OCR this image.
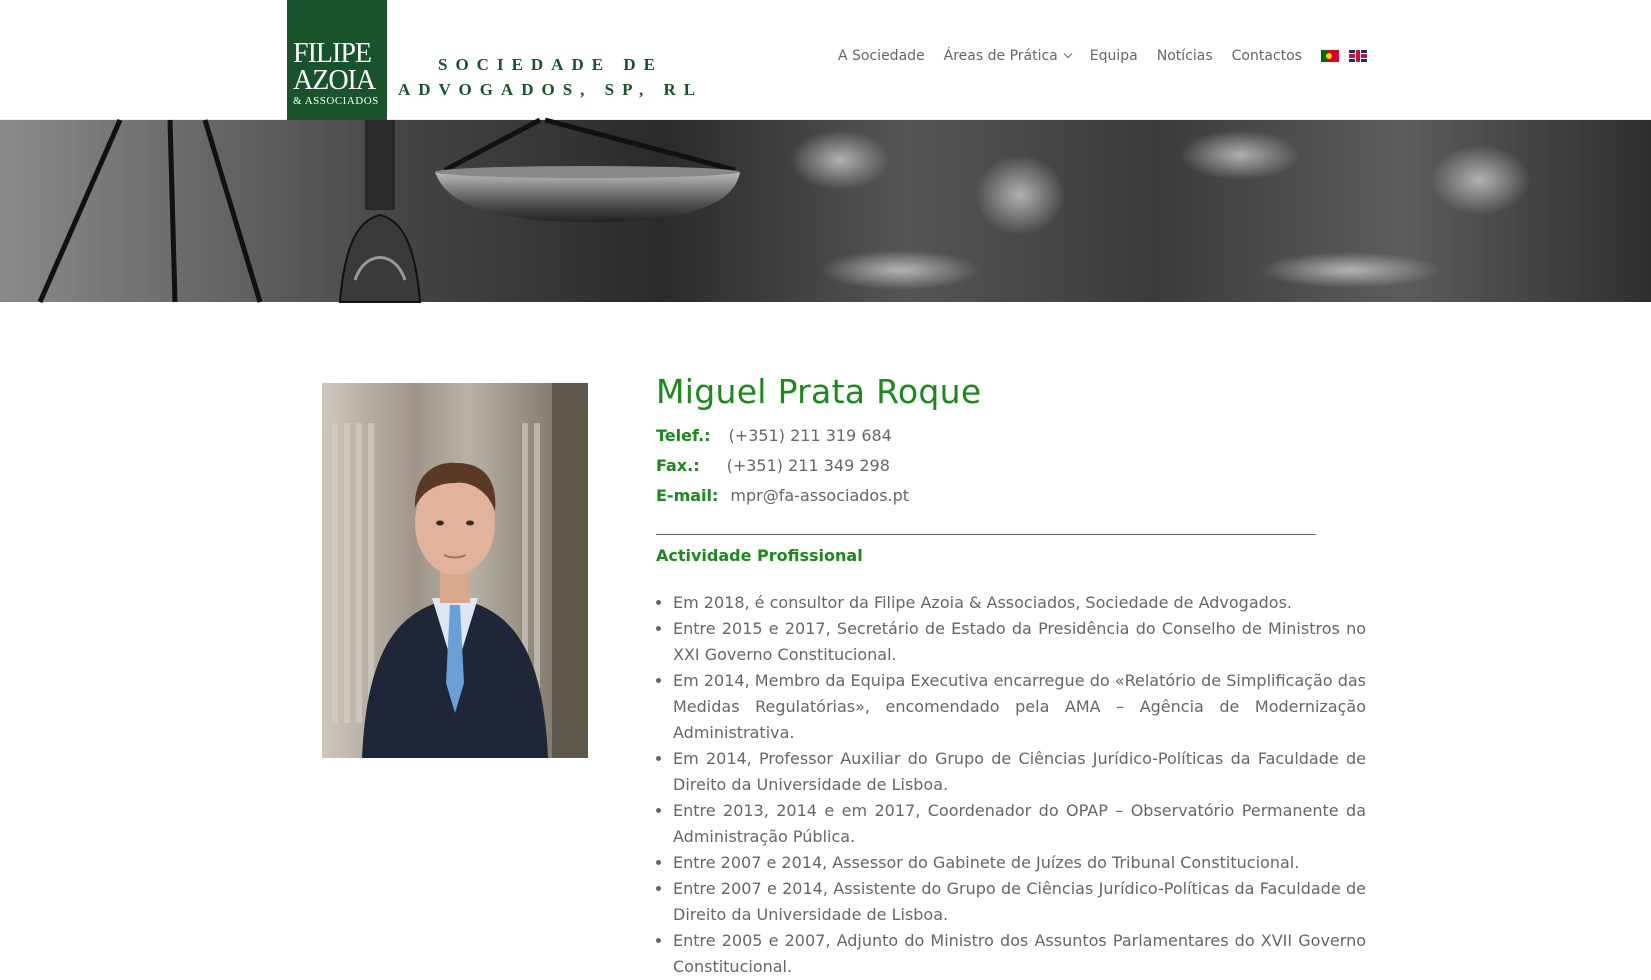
FILIPE
AZOIA
& ASSOCIADOS
SOCIEDADE DE
ADVOGADOS, SP, RL
A Sociedade Áreas de Prática	Equipa Notícias Contactos
Miguel Prata Roque
Telef.: (+351) 211 319 684
Fax.: (+351) 211 349 298
E-mail: mpr@fa-associados.pt
Actividade Profissional
• Em 2018, é consultor da Filipe Azoia & Associados, Sociedade de Advogados.
• Entre 2015 e 2017, Secretário de Estado da Presidência do Conselho de Ministros no XXI Governo Constitucional.
• Em 2014, Membro da Equipa Executiva encarregue do «Relatório de Simplificação das Medidas Regulatórias», encomendado pela AMA – Agência de Modernização Administrativa.
• Em 2014, Professor Auxiliar do Grupo de Ciências Jurídico-Políticas da Faculdade de Direito da Universidade de Lisboa.
• Entre 2013, 2014 e em 2017, Coordenador do OPAP – Observatório Permanente da Administração Pública.
• Entre 2007 e 2014, Assessor do Gabinete de Juízes do Tribunal Constitucional.
• Entre 2007 e 2014, Assistente do Grupo de Ciências Jurídico-Políticas da Faculdade de Direito da Universidade de Lisboa.
• Entre 2005 e 2007, Adjunto do Ministro dos Assuntos Parlamentares do XVII Governo Constitucional.
